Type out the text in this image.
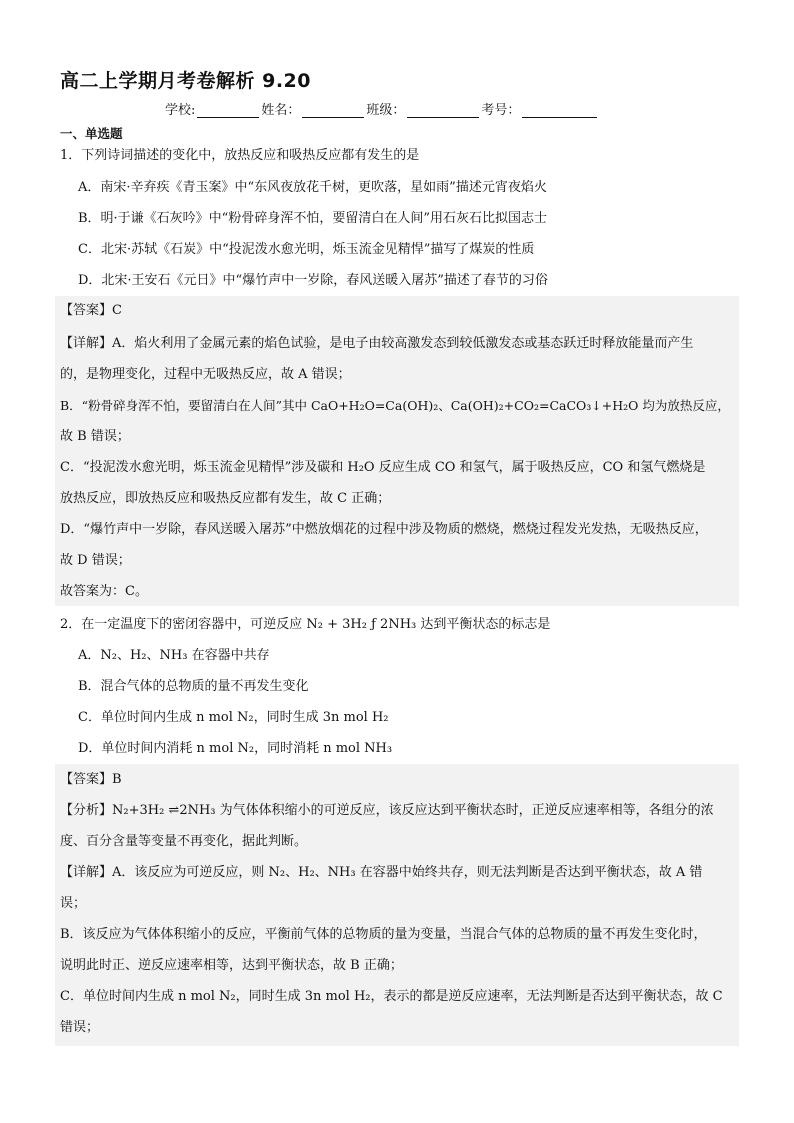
高二上学期月考卷解析 9.20
学校:	姓名：	班级：	考号：
一、单选题
1．下列诗词描述的变化中，放热反应和吸热反应都有发生的是
A．南宋·辛弃疾《青玉案》中“东风夜放花千树，更吹落，星如雨”描述元宵夜焰火
B．明·于谦《石灰吟》中“粉骨碎身浑不怕，要留清白在人间”用石灰石比拟国志士
C．北宋·苏轼《石炭》中“投泥泼水愈光明，烁玉流金见精悍”描写了煤炭的性质
D．北宋·王安石《元日》中“爆竹声中一岁除，春风送暖入屠苏”描述了春节的习俗
【答案】C
【详解】A．焰火利用了金属元素的焰色试验，是电子由较高激发态到较低激发态或基态跃迁时释放能量而产生
的，是物理变化，过程中无吸热反应，故 A 错误；
B．“粉骨碎身浑不怕，要留清白在人间”其中 CaO+H₂O=Ca(OH)₂、Ca(OH)₂+CO₂=CaCO₃↓+H₂O 均为放热反应，
故 B 错误；
C．“投泥泼水愈光明，烁玉流金见精悍”涉及碳和 H₂O 反应生成 CO 和氢气，属于吸热反应，CO 和氢气燃烧是
放热反应，即放热反应和吸热反应都有发生，故 C 正确；
D．“爆竹声中一岁除，春风送暖入屠苏”中燃放烟花的过程中涉及物质的燃烧，燃烧过程发光发热，无吸热反应，
故 D 错误；
故答案为：C。
2．在一定温度下的密闭容器中，可逆反应 N₂ + 3H₂ ƒ 2NH₃ 达到平衡状态的标志是
A．N₂、H₂、NH₃ 在容器中共存
B．混合气体的总物质的量不再发生变化
C．单位时间内生成 n mol N₂，同时生成 3n mol H₂
D．单位时间内消耗 n mol N₂，同时消耗 n mol NH₃
【答案】B
【分析】N₂+3H₂ ⇌2NH₃ 为气体体积缩小的可逆反应，该反应达到平衡状态时，正逆反应速率相等，各组分的浓
度、百分含量等变量不再变化，据此判断。
【详解】A．该反应为可逆反应，则 N₂、H₂、NH₃ 在容器中始终共存，则无法判断是否达到平衡状态，故 A 错
误；
B．该反应为气体体积缩小的反应，平衡前气体的总物质的量为变量，当混合气体的总物质的量不再发生变化时，
说明此时正、逆反应速率相等，达到平衡状态，故 B 正确；
C．单位时间内生成 n mol N₂，同时生成 3n mol H₂，表示的都是逆反应速率，无法判断是否达到平衡状态，故 C
错误；
